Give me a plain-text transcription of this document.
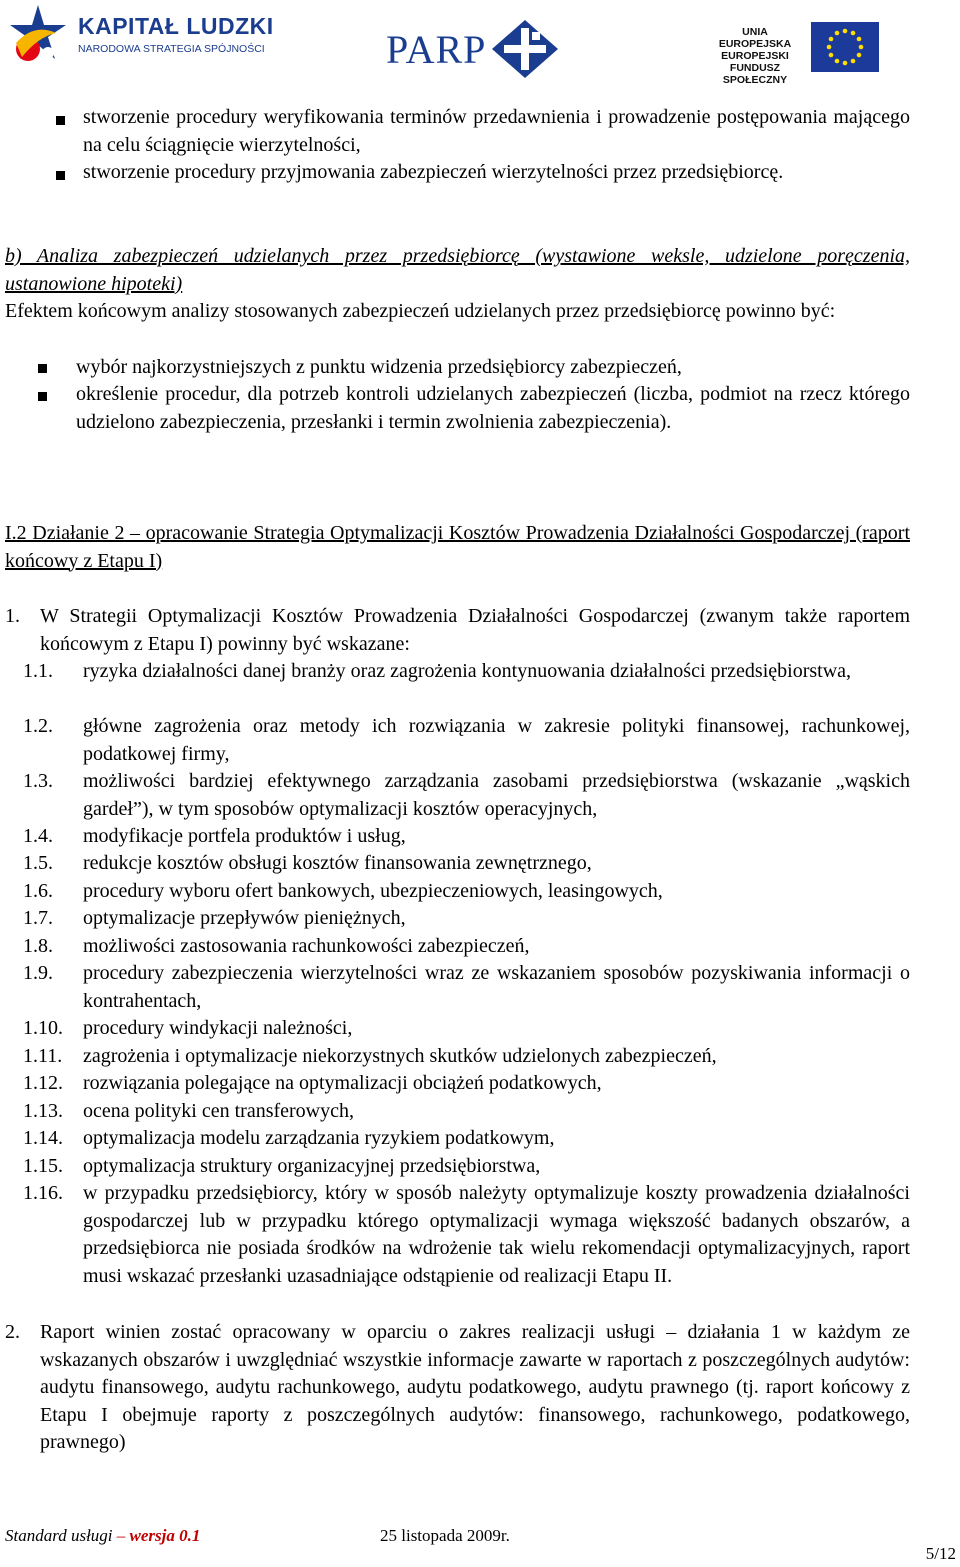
KAPITAŁ LUDZKI
NARODOWA STRATEGIA SPÓJNOŚCI	PARP	UNIA EUROPEJSKA
EUROPEJSKI
FUNDUSZ SPOŁECZNY
stworzenie procedury weryfikowania terminów przedawnienia i prowadzenie postępowania mającego na celu ściągnięcie wierzytelności,
stworzenie procedury przyjmowania zabezpieczeń wierzytelności przez przedsiębiorcę.
b) Analiza zabezpieczeń udzielanych przez przedsiębiorcę (wystawione weksle, udzielone poręczenia, ustanowione hipoteki)
Efektem końcowym analizy stosowanych zabezpieczeń udzielanych przez przedsiębiorcę powinno być:
wybór najkorzystniejszych z punktu widzenia przedsiębiorcy zabezpieczeń,
określenie procedur, dla potrzeb kontroli udzielanych zabezpieczeń (liczba, podmiot na rzecz którego udzielono zabezpieczenia, przesłanki i termin zwolnienia zabezpieczenia).
I.2 Działanie 2 – opracowanie Strategia Optymalizacji Kosztów Prowadzenia Działalności Gospodarczej (raport końcowy z Etapu I)
1. W Strategii Optymalizacji Kosztów Prowadzenia Działalności Gospodarczej (zwanym także raportem końcowym z Etapu I) powinny być wskazane:
1.1. ryzyka działalności danej branży oraz zagrożenia kontynuowania działalności przedsiębiorstwa,
1.2. główne zagrożenia oraz metody ich rozwiązania w zakresie polityki finansowej, rachunkowej, podatkowej firmy,
1.3. możliwości bardziej efektywnego zarządzania zasobami przedsiębiorstwa (wskazanie „wąskich gardeł”), w tym sposobów optymalizacji kosztów operacyjnych,
1.4. modyfikacje portfela produktów i usług,
1.5. redukcje kosztów obsługi kosztów finansowania zewnętrznego,
1.6. procedury wyboru ofert bankowych, ubezpieczeniowych, leasingowych,
1.7. optymalizacje przepływów pieniężnych,
1.8. możliwości zastosowania rachunkowości zabezpieczeń,
1.9. procedury zabezpieczenia wierzytelności wraz ze wskazaniem sposobów pozyskiwania informacji o kontrahentach,
1.10. procedury windykacji należności,
1.11. zagrożenia i optymalizacje niekorzystnych skutków udzielonych zabezpieczeń,
1.12. rozwiązania polegające na optymalizacji obciążeń podatkowych,
1.13. ocena polityki cen transferowych,
1.14. optymalizacja modelu zarządzania ryzykiem podatkowym,
1.15. optymalizacja struktury organizacyjnej przedsiębiorstwa,
1.16. w przypadku przedsiębiorcy, który w sposób należyty optymalizuje koszty prowadzenia działalności gospodarczej lub w przypadku którego optymalizacji wymaga większość badanych obszarów, a przedsiębiorca nie posiada środków na wdrożenie tak wielu rekomendacji optymalizacyjnych, raport musi wskazać przesłanki uzasadniające odstąpienie od realizacji Etapu II.
2. Raport winien zostać opracowany w oparciu o zakres realizacji usługi – działania 1 w każdym ze wskazanych obszarów i uwzględniać wszystkie informacje zawarte w raportach z poszczególnych audytów: audytu finansowego, audytu rachunkowego, audytu podatkowego, audytu prawnego (tj. raport końcowy z Etapu I obejmuje raporty z poszczególnych audytów: finansowego, rachunkowego, podatkowego, prawnego)
Standard usługi – wersja 0.1	25 listopada 2009r.
5/12
